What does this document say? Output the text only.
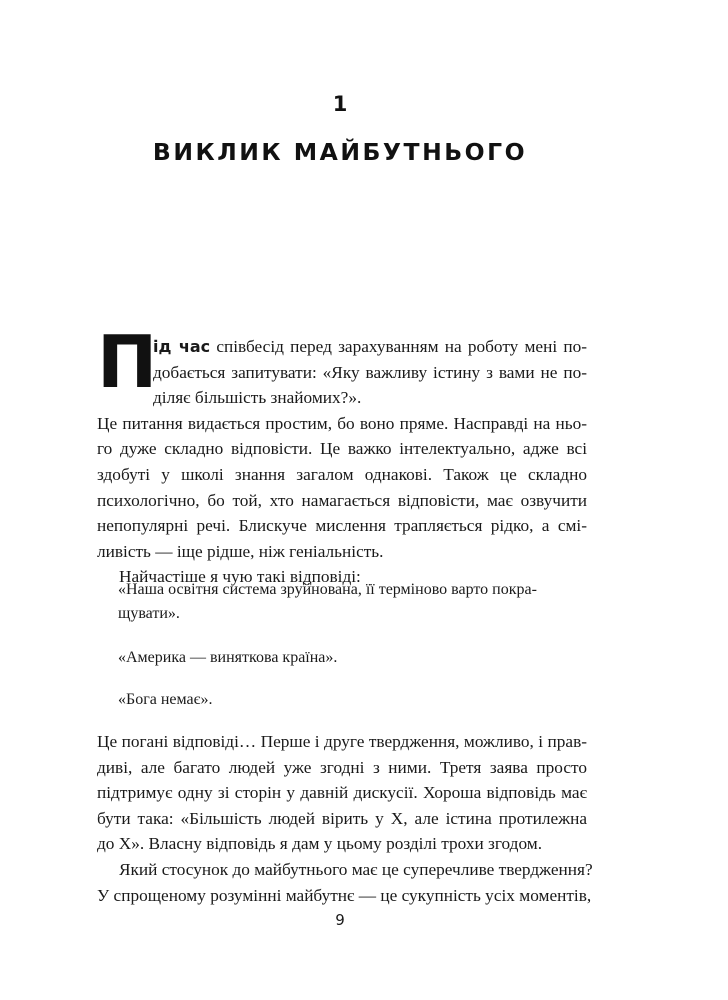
1
ВИКЛИК МАЙБУТНЬОГО
П
ід час співбесід перед зарахуванням на роботу мені по-
добається запитувати: «Яку важливу істину з вами не по-
діляє більшість знайомих?».
Це питання видається простим, бо воно пряме. Насправді на ньо-
го дуже складно відповісти. Це важко інтелектуально, адже всі
здобуті у школі знання загалом однакові. Також це складно
психологічно, бо той, хто намагається відповісти, має озвучити
непопулярні речі. Блискуче мислення трапляється рідко, а смі-
ливість — іще рідше, ніж геніальність.
Найчастіше я чую такі відповіді:
«Наша освітня система зруйнована, її терміново варто покра-
щувати».
«Америка — виняткова країна».
«Бога немає».
Це погані відповіді… Перше і друге твердження, можливо, і прав-
диві, але багато людей уже згодні з ними. Третя заява просто
підтримує одну зі сторін у давній дискусії. Хороша відповідь має
бути така: «Більшість людей вірить у X, але істина протилежна
до X». Власну відповідь я дам у цьому розділі трохи згодом.
Який стосунок до майбутнього має це суперечливе твердження?
У спрощеному розумінні майбутнє — це сукупність усіх моментів,
9
